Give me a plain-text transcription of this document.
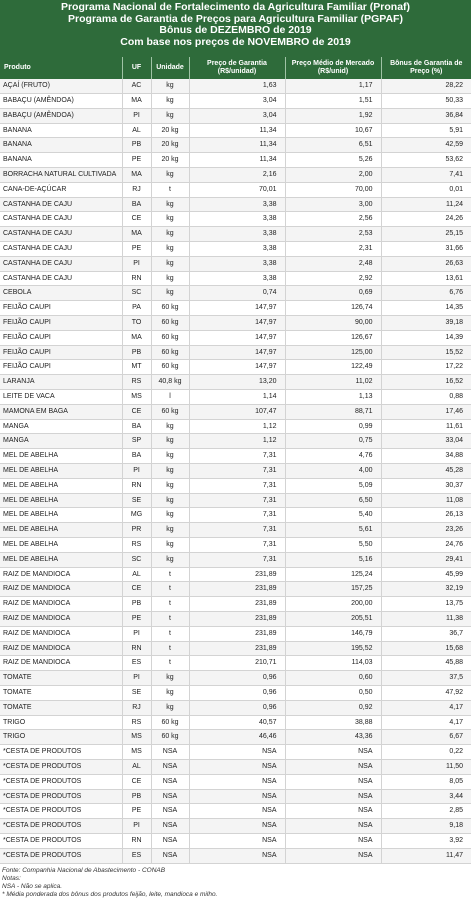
Programa Nacional de Fortalecimento da Agricultura Familiar (Pronaf)
Programa de Garantia de Preços para Agricultura Familiar (PGPAF)
Bônus de DEZEMBRO de 2019
Com base nos preços de NOVEMBRO de 2019
Produto	UF	Unidade	Preço de Garantia (R$/unidad)	Preço Médio de Mercado (R$/unid)	Bônus de Garantia de Preço (%)
AÇAÍ (FRUTO)	AC	kg	1,63	1,17	28,22
BABAÇU (AMÊNDOA)	MA	kg	3,04	1,51	50,33
BABAÇU (AMÊNDOA)	PI	kg	3,04	1,92	36,84
BANANA	AL	20 kg	11,34	10,67	5,91
BANANA	PB	20 kg	11,34	6,51	42,59
BANANA	PE	20 kg	11,34	5,26	53,62
BORRACHA NATURAL CULTIVADA	MA	kg	2,16	2,00	7,41
CANA-DE-AÇÚCAR	RJ	t	70,01	70,00	0,01
CASTANHA DE CAJU	BA	kg	3,38	3,00	11,24
CASTANHA DE CAJU	CE	kg	3,38	2,56	24,26
CASTANHA DE CAJU	MA	kg	3,38	2,53	25,15
CASTANHA DE CAJU	PE	kg	3,38	2,31	31,66
CASTANHA DE CAJU	PI	kg	3,38	2,48	26,63
CASTANHA DE CAJU	RN	kg	3,38	2,92	13,61
CEBOLA	SC	kg	0,74	0,69	6,76
FEIJÃO CAUPI	PA	60 kg	147,97	126,74	14,35
FEIJÃO CAUPI	TO	60 kg	147,97	90,00	39,18
FEIJÃO CAUPI	MA	60 kg	147,97	126,67	14,39
FEIJÃO CAUPI	PB	60 kg	147,97	125,00	15,52
FEIJÃO CAUPI	MT	60 kg	147,97	122,49	17,22
LARANJA	RS	40,8 kg	13,20	11,02	16,52
LEITE DE VACA	MS	l	1,14	1,13	0,88
MAMONA EM BAGA	CE	60 kg	107,47	88,71	17,46
MANGA	BA	kg	1,12	0,99	11,61
MANGA	SP	kg	1,12	0,75	33,04
MEL DE ABELHA	BA	kg	7,31	4,76	34,88
MEL DE ABELHA	PI	kg	7,31	4,00	45,28
MEL DE ABELHA	RN	kg	7,31	5,09	30,37
MEL DE ABELHA	SE	kg	7,31	6,50	11,08
MEL DE ABELHA	MG	kg	7,31	5,40	26,13
MEL DE ABELHA	PR	kg	7,31	5,61	23,26
MEL DE ABELHA	RS	kg	7,31	5,50	24,76
MEL DE ABELHA	SC	kg	7,31	5,16	29,41
RAIZ DE MANDIOCA	AL	t	231,89	125,24	45,99
RAIZ DE MANDIOCA	CE	t	231,89	157,25	32,19
RAIZ DE MANDIOCA	PB	t	231,89	200,00	13,75
RAIZ DE MANDIOCA	PE	t	231,89	205,51	11,38
RAIZ DE MANDIOCA	PI	t	231,89	146,79	36,7
RAIZ DE MANDIOCA	RN	t	231,89	195,52	15,68
RAIZ DE MANDIOCA	ES	t	210,71	114,03	45,88
TOMATE	PI	kg	0,96	0,60	37,5
TOMATE	SE	kg	0,96	0,50	47,92
TOMATE	RJ	kg	0,96	0,92	4,17
TRIGO	RS	60 kg	40,57	38,88	4,17
TRIGO	MS	60 kg	46,46	43,36	6,67
*CESTA DE PRODUTOS	MS	NSA	NSA	NSA	0,22
*CESTA DE PRODUTOS	AL	NSA	NSA	NSA	11,50
*CESTA DE PRODUTOS	CE	NSA	NSA	NSA	8,05
*CESTA DE PRODUTOS	PB	NSA	NSA	NSA	3,44
*CESTA DE PRODUTOS	PE	NSA	NSA	NSA	2,85
*CESTA DE PRODUTOS	PI	NSA	NSA	NSA	9,18
*CESTA DE PRODUTOS	RN	NSA	NSA	NSA	3,92
*CESTA DE PRODUTOS	ES	NSA	NSA	NSA	11,47
Fonte: Companhia Nacional de Abastecimento - CONAB
Notas:
NSA - Não se aplica.
* Média ponderada dos bônus dos produtos feijão, leite, mandioca e milho.
